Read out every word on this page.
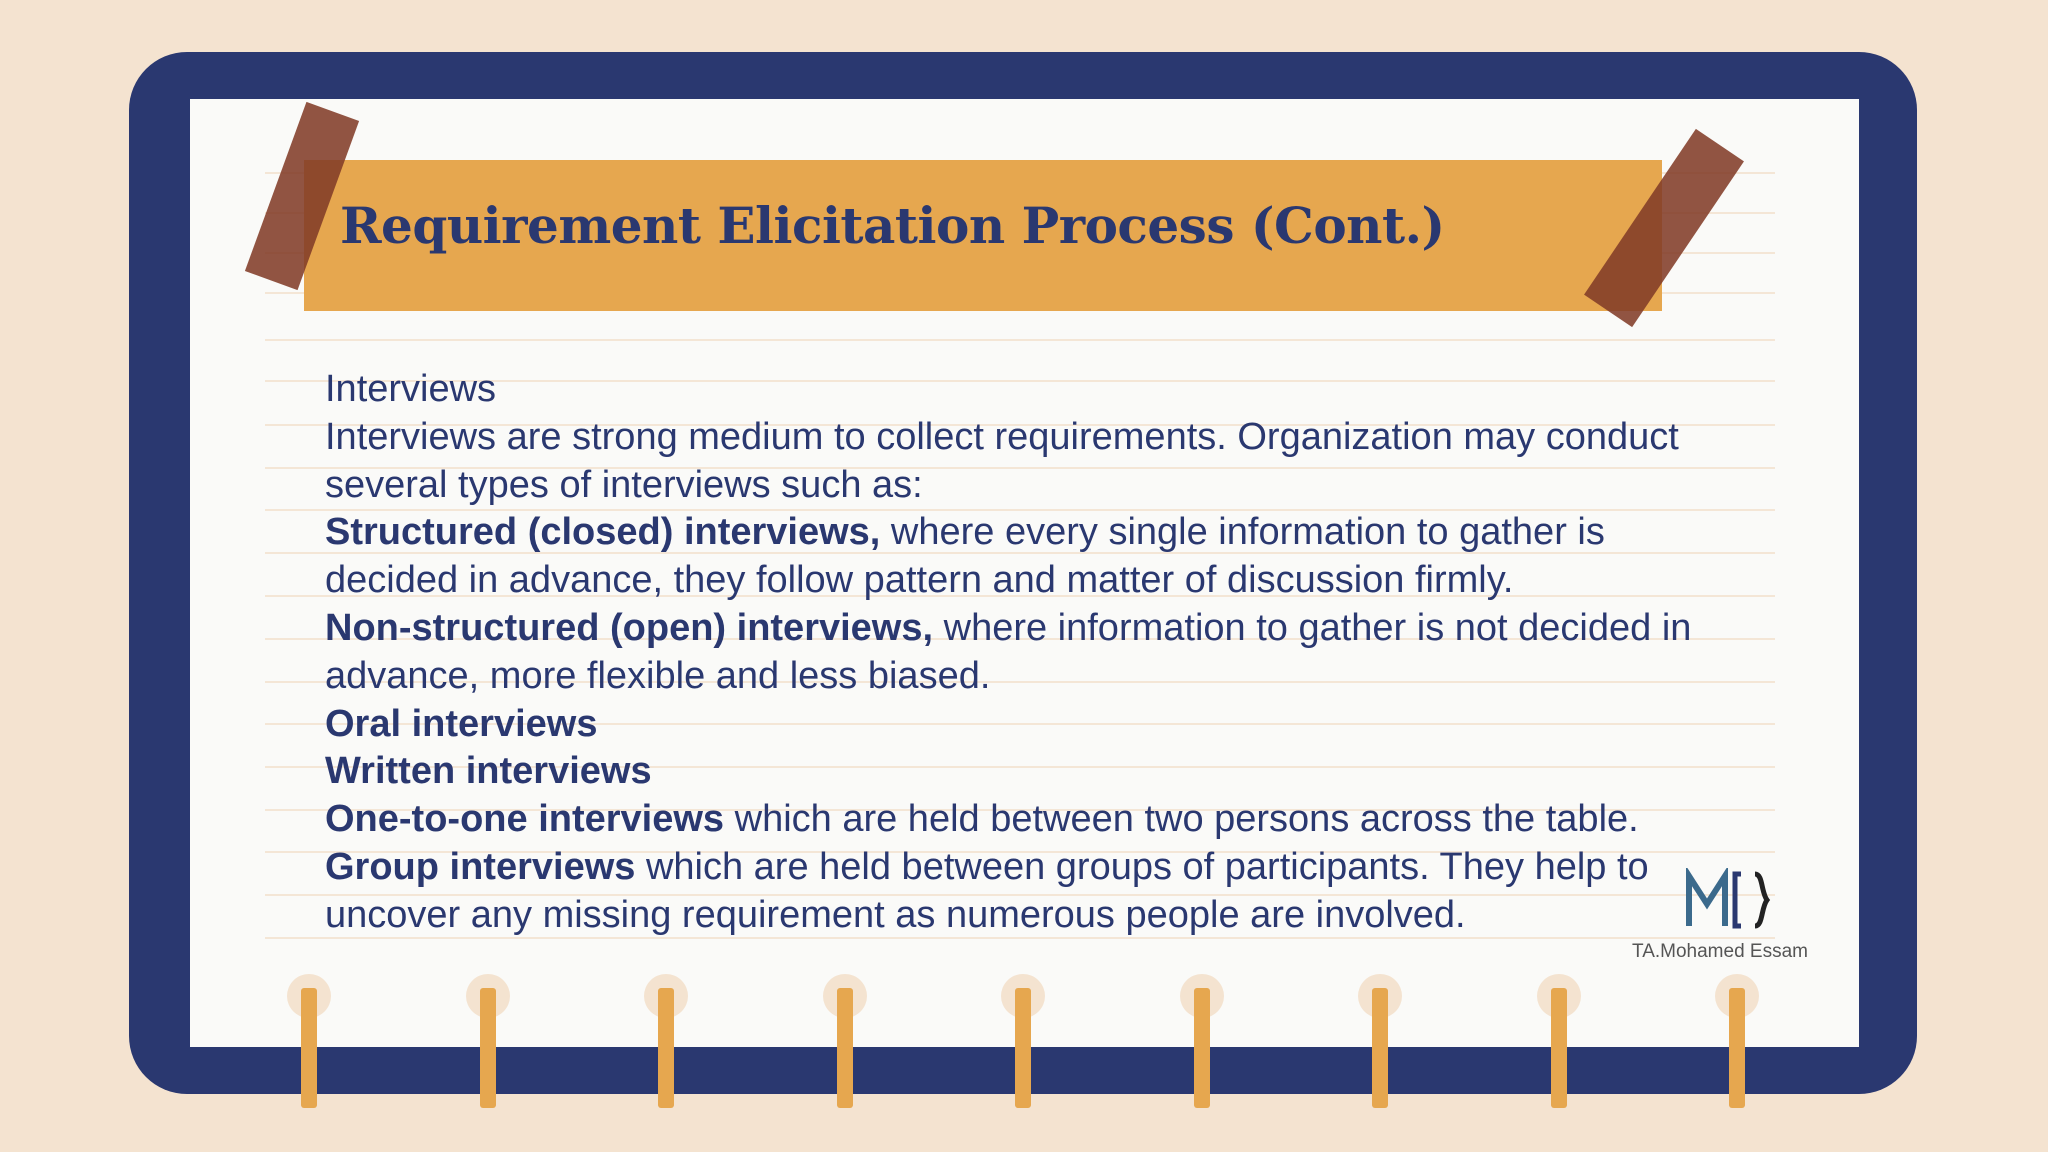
Requirement Elicitation Process (Cont.)

Interviews

Interviews are strong medium to collect requirements. Organization may conduct

several types of interviews such as:

Structured (closed) interviews, where every single information to gather is

decided in advance, they follow pattern and matter of discussion firmly.

Non-structured (open) interviews, where information to gather is not decided in

advance, more flexible and less biased.

Oral interviews

Written interviews

One-to-one interviews which are held between two persons across the table.

Group interviews which are held between groups of participants. They help to

uncover any missing requirement as numerous people are involved.

TA.Mohamed Essam
